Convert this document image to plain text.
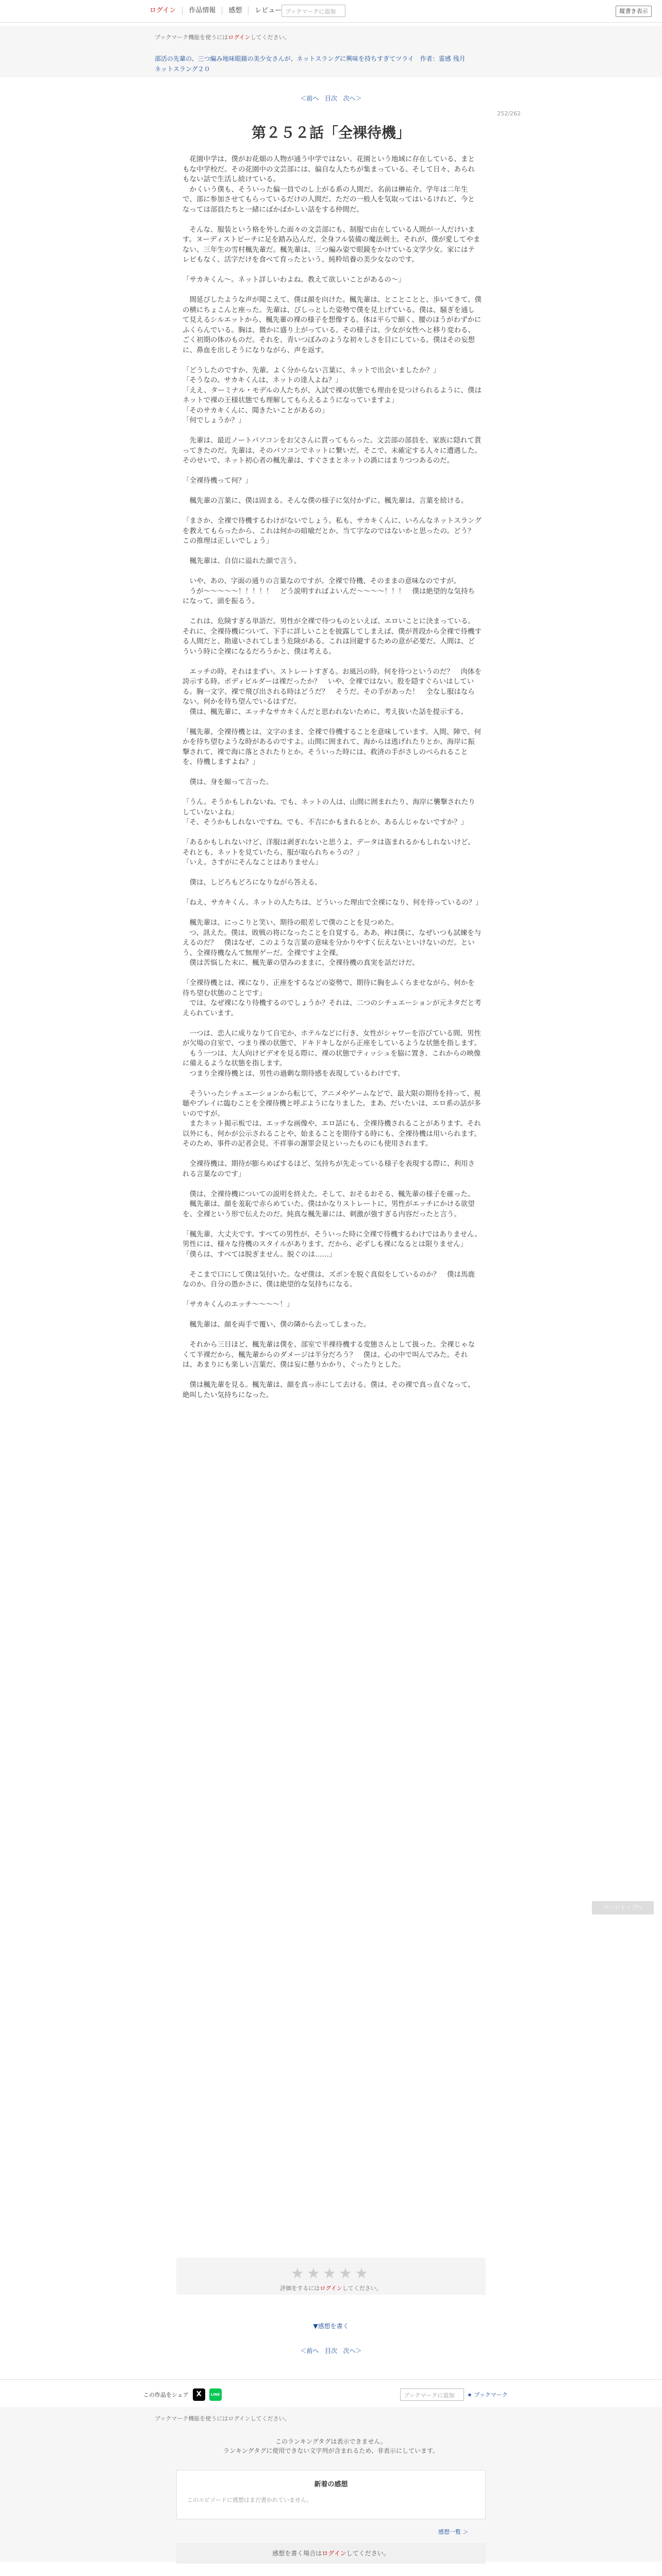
ログイン	作品情報	感想	レビュー ブックマークに追加	縦書き表示
ブックマーク機能を使うにはログインしてください。
部活の先輩の、三つ編み地味眼鏡の美少女さんが、ネットスラングに興味を持ちすぎてツライ　作者：霊感 残月
ネットスラング２０
＜前へ 目次 次へ＞
252/262
第２５２話「全裸待機」

　花園中学は、僕がお花畑の人物が通う中学ではない。花園という地域に存在している、まともな中学校だ。その花園中の文芸部には、偏自な人たちが集まっている。そして日々、あられもない話で生活し続けている。

　かくいう僕も、そういった偏一員でのし上がる系の人間だ。名前は榊祐介。学年は二年生で、部に参加させてもらっているだけの人間だ。ただの一般人を気取ってはいるけれど、今となっては部員たちと一緒にばかばかしい話をする仲間だ。

　そんな、服装という格を外した面々の文芸部にも、制服で由在している人間が一人だけいます。ヌーディストビーチに足を踏み込んだ、全身フル装備の魔法剣士。それが、僕が愛してやまない、三年生の雪村楓先輩だ。楓先輩は、三つ編み姿で眼鏡をかけている文学少女。家にはテレビもなく、活字だけを食べて育ったという、純粋培養の美少女なのです。

「サカキくん～。ネット詳しいわよね。教えて欲しいことがあるの～」

　間延びしたような声が聞こえて、僕は顔を向けた。楓先輩は、とことことと、歩いてきて、僕の横にちょこんと座った。先輩は、びしっとした姿勢で僕を見上げている。僕は、騒ぎを通して見えるシルエットから、楓先輩の裸の様子を想像する。体は平らで細く、腰のほうがわずかにふくらんでいる。胸は、微かに盛り上がっている。その様子は、少女が女性へと移り変わる、ごく初期の体のものだ。それを、青いつぼみのような初々しさを目にしている。僕はその妄想に、鼻血を出しそうになりながら、声を返す。

「どうしたのですか、先輩。よく分からない言葉に、ネットで出会いましたか？」

「そうなの。サカキくんは、ネットの達人よね？」

「ええ、ターミナル・モデルの人たちが、入試で裸の状態でも理由を見つけられるように、僕はネットで裸の王様状態でも理解してもらえるようになっていますよ」

「そのサカキくんに、聞きたいことがあるの」

「何でしょうか？」

　先輩は、最近ノートパソコンをお父さんに貰ってもらった。文芸部の部員を、家族に隠れて貰ってきたのだ。先輩は、そのパソコンでネットに繋いだ。そこで、未確定する人々に遭遇した。そのせいで、ネット初心者の楓先輩は、すぐさまとネットの渦にはまりつつあるのだ。

「全裸待機って何？」

　楓先輩の言葉に、僕は固まる。そんな僕の様子に気付かずに、楓先輩は、言葉を続ける。

「まさか、全裸で待機するわけがないでしょう。私も、サカキくんに、いろんなネットスラングを教えてもらったから、これは何かの暗喩だとか、当て字なのではないかと思ったの。どう？　この推理は正しいでしょう」

　楓先輩は、自信に溢れた顔で言う。

　いや、あの、字面の通りの言葉なのですが。全裸で待機、そのままの意味なのですが。

　うが～～～～～！！！！！　どう説明すればよいんだ～～～～！！！　僕は絶望的な気持ちになって、頭を振るう。

　これは、危険すぎる単語だ。男性が全裸で待つものといえば、エロいことに決まっている。それに、全裸待機について、下手に詳しいことを披露してしまえば、僕が普段から全裸で待機する人間だと、勘違いされてしまう危険がある。これは回避するための意が必要だ。人間は、どういう時に全裸になるだろうかと、僕は考える。

　エッチの時。それはまずい。ストレートすぎる。お風呂の時。何を待つというのだ？　肉体を誇示する時。ボディビルダーは裸だったか？　いや、全裸ではない。股を隠すぐらいはしている。胸一文字、裸で飛び出される時はどうだ？　そうだ。その手があった！　全なし服はならない。何かを待ち望んでいるはずだ。

　僕は、楓先輩に、エッチなサカキくんだと思われないために、考え抜いた話を提示する。

「楓先輩、全裸待機とは、文字のまま、全裸で待機することを意味しています。入間、陣で、何かを待ち望むような時があるのですよ。山間に囲まれて、海からは逃げれたりとか、海岸に振撃されて、裸で海に落とされたりとか。そういった時には、救済の手がさしのべられることを、待機しますよね？」

　僕は、身を縮って言った。

「うん。そうかもしれないね。でも、ネットの人は、山間に囲まれたり、海岸に襲撃されたりしていないよね」

「そ、そうかもしれないですね。でも、不吉にかもまれるとか、あるんじゃないですか？」

「あるかもしれないけど、洋服は剥ぎれないと思うよ。データは盗まれるかもしれないけど。それとも、ネットを見ていたら、服が取られちゃうの？」

「いえ。さすがにそんなことはありません」

　僕は、しどろもどろになりながら答える。

「ねえ、サカキくん。ネットの人たちは、どういった理由で全裸になり、何を待っているの？」

　楓先輩は、にっこりと笑い、期待の眼差しで僕のことを見つめた。

　つ、訊えた。僕は、敗戦の将になったことを自覚する。ああ、神は僕に、なぜいつも試練を与えるのだ？　僕はなぜ、このような言葉の意味を分かりやすく伝えないといけないのだ。という、全裸待機なんて無理ゲーだ。全裸ですよ全裸。

　僕は苦悩した末に、楓先輩の望みのままに、全裸待機の真実を話だけだ。

「全裸待機とは、裸になり、正座をするなどの姿勢で、期待に胸をふくらませながら、何かを待ち望む状態のことです」

　では、なぜ裸になり待機するのでしょうか？それは、二つのシチュエーションが元ネタだと考えられています。

　一つは、恋人に成りなりて自宅か、ホテルなどに行き、女性がシャワーを浴びている間、男性が欠場の自室で、つまり裸の状態で、ドキドキしながら正座をしているような状態を指します。

　もう一つは、大人向けビデオを見る際に、裸の状態でティッシュを脇に置き、これからの映像に備えるような状態を指します。

　つまり全裸待機とは、男性の過剰な期待感を表現しているわけです。

　そういったシチュエーションから転じて、アニメやゲームなどで、最大限の期待を持って、視聴やプレイに臨むことを全裸待機と呼ぶようになりました。まあ、だいたいは、エロ系の話が多いのですが。

　またネット掲示板では、エッチな画像や、エロ話にも、全裸待機されることがあります。それ以外にも、何かが公示されることや、始まることを期待する時にも、全裸待機は用いられます。そのため、事件の記者会見、不祥事の謝罪会見といったものにも使用されます。

　全裸待機は、期待が膨らめばするほど、気持ちが先走っている様子を表現する際に、利用される言葉なのです」

　僕は、全裸待機についての説明を終えた。そして、おそるおそる、楓先輩の様子を確った。

　楓先輩は、顔を羞恥で赤らめていた。僕はかなりストレートに、男性がエッチにかける欲望を、全裸という形で伝えたのだ。純真な楓先輩には、刺激が強すぎる内容だったと言う。

「楓先輩、大丈夫です。すべての男性が、そういった時に全裸で待機するわけではありません。男性には、様々な待機のスタイルがあります。だから、必ずしも裸になるとは限りません」

「僕らは、すべては脱ぎません。脱ぐのは……」

　そこまで口にして僕は気付いた。なぜ僕は、ズボンを脱ぐ真似をしているのか？　僕は馬鹿なのか。自分の愚かさに、僕は絶望的な気持ちになる。

「サカキくんのエッチ～～～～！」

　楓先輩は、顔を両手で覆い、僕の隣から去ってしまった。

　それから三日ほど、楓先輩は僕を、部室で半裸待機する変態さんとして扱った。全裸じゃなくて半裸だから、楓先輩からのダメージは半分だろう？　僕は、心の中で叫んでみた。それは、あまりにも楽しい言葉だ、僕は妄に懸りかかり、ぐったりとした。

　僕は楓先輩を見る。楓先輩は、顔を真っ赤にして去ける。僕は、その裸で真っ直ぐなって、絶叫したい気持ちになった。

★★★★★
評価をするにはログインしてください。
▼感想を書く
＜前へ 目次 次へ＞
この作品をシェア	X	LINE	ブックマークに追加	★ ブックマーク
ブックマーク機能を使うにはログインしてください。
このランキングタグは表示できません。
ランキングタグに使用できない文字列が含まれるため、非表示にしています。
新着の感想
このエピソードに感想はまだ書かれていません。
感想一覧 ＞
感想を書く場合はログインしてください。
ページトップへ
